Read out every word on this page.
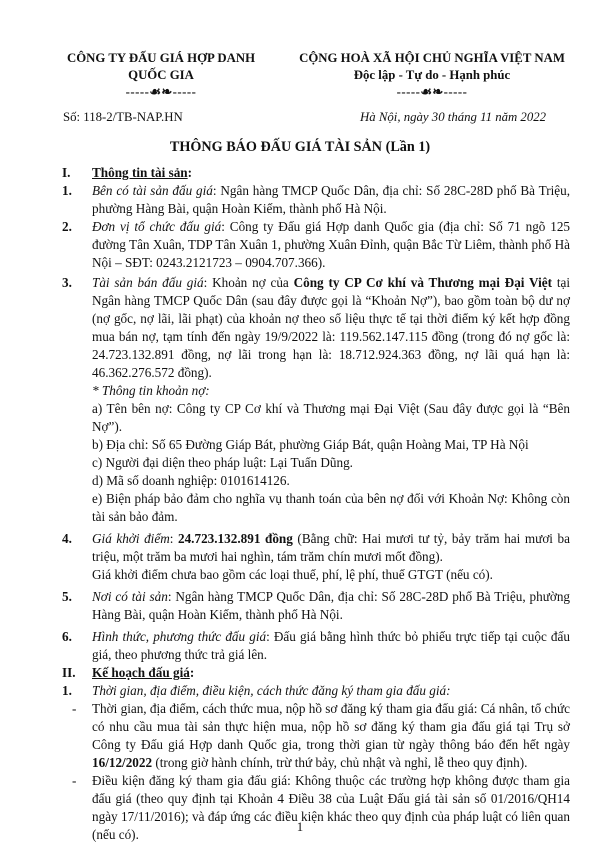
CÔNG TY ĐẤU GIÁ HỢP DANH
QUỐC GIA
-----☙❧-----
CỘNG HOÀ XÃ HỘI CHỦ NGHĨA VIỆT NAM
Độc lập - Tự do - Hạnh phúc
-----☙❧-----
Số: 118-2/TB-NAP.HN	Hà Nội, ngày 30 tháng 11 năm 2022
THÔNG BÁO ĐẤU GIÁ TÀI SẢN (Lần 1)
I. Thông tin tài sản:
1. Bên có tài sản đấu giá: Ngân hàng TMCP Quốc Dân, địa chỉ: Số 28C-28D phố Bà Triệu, phường Hàng Bài, quận Hoàn Kiếm, thành phố Hà Nội.
2. Đơn vị tổ chức đấu giá: Công ty Đấu giá Hợp danh Quốc gia (địa chỉ: Số 71 ngõ 125 đường Tân Xuân, TDP Tân Xuân 1, phường Xuân Đỉnh, quận Bắc Từ Liêm, thành phố Hà Nội – SĐT: 0243.2121723 – 0904.707.366).
3. Tài sản bán đấu giá: Khoản nợ của Công ty CP Cơ khí và Thương mại Đại Việt tại Ngân hàng TMCP Quốc Dân (sau đây được gọi là “Khoản Nợ”), bao gồm toàn bộ dư nợ (nợ gốc, nợ lãi, lãi phạt) của khoản nợ theo số liệu thực tế tại thời điểm ký kết hợp đồng mua bán nợ, tạm tính đến ngày 19/9/2022 là: 119.562.147.115 đồng (trong đó nợ gốc là: 24.723.132.891 đồng, nợ lãi trong hạn là: 18.712.924.363 đồng, nợ lãi quá hạn là: 46.362.276.572 đồng).
* Thông tin khoản nợ:
a) Tên bên nợ: Công ty CP Cơ khí và Thương mại Đại Việt (Sau đây được gọi là “Bên Nợ”).
b) Địa chỉ: Số 65 Đường Giáp Bát, phường Giáp Bát, quận Hoàng Mai, TP Hà Nội
c) Người đại diện theo pháp luật: Lại Tuấn Dũng.
d) Mã số doanh nghiệp: 0101614126.
e) Biện pháp bảo đảm cho nghĩa vụ thanh toán của bên nợ đối với Khoản Nợ: Không còn tài sản bảo đảm.
4. Giá khởi điểm: 24.723.132.891 đồng (Bằng chữ: Hai mươi tư tỷ, bảy trăm hai mươi ba triệu, một trăm ba mươi hai nghìn, tám trăm chín mươi mốt đồng).
Giá khởi điểm chưa bao gồm các loại thuế, phí, lệ phí, thuế GTGT (nếu có).
5. Nơi có tài sản: Ngân hàng TMCP Quốc Dân, địa chỉ: Số 28C-28D phố Bà Triệu, phường Hàng Bài, quận Hoàn Kiếm, thành phố Hà Nội.
6. Hình thức, phương thức đấu giá: Đấu giá bằng hình thức bỏ phiếu trực tiếp tại cuộc đấu giá, theo phương thức trả giá lên.
II. Kế hoạch đấu giá:
1. Thời gian, địa điểm, điều kiện, cách thức đăng ký tham gia đấu giá:
- Thời gian, địa điểm, cách thức mua, nộp hồ sơ đăng ký tham gia đấu giá: Cá nhân, tổ chức có nhu cầu mua tài sản thực hiện mua, nộp hồ sơ đăng ký tham gia đấu giá tại Trụ sở Công ty Đấu giá Hợp danh Quốc gia, trong thời gian từ ngày thông báo đến hết ngày 16/12/2022 (trong giờ hành chính, trừ thứ bảy, chủ nhật và nghỉ, lễ theo quy định).
- Điều kiện đăng ký tham gia đấu giá: Không thuộc các trường hợp không được tham gia đấu giá (theo quy định tại Khoản 4 Điều 38 của Luật Đấu giá tài sản số 01/2016/QH14 ngày 17/11/2016); và đáp ứng các điều kiện khác theo quy định của pháp luật có liên quan (nếu có).	1
